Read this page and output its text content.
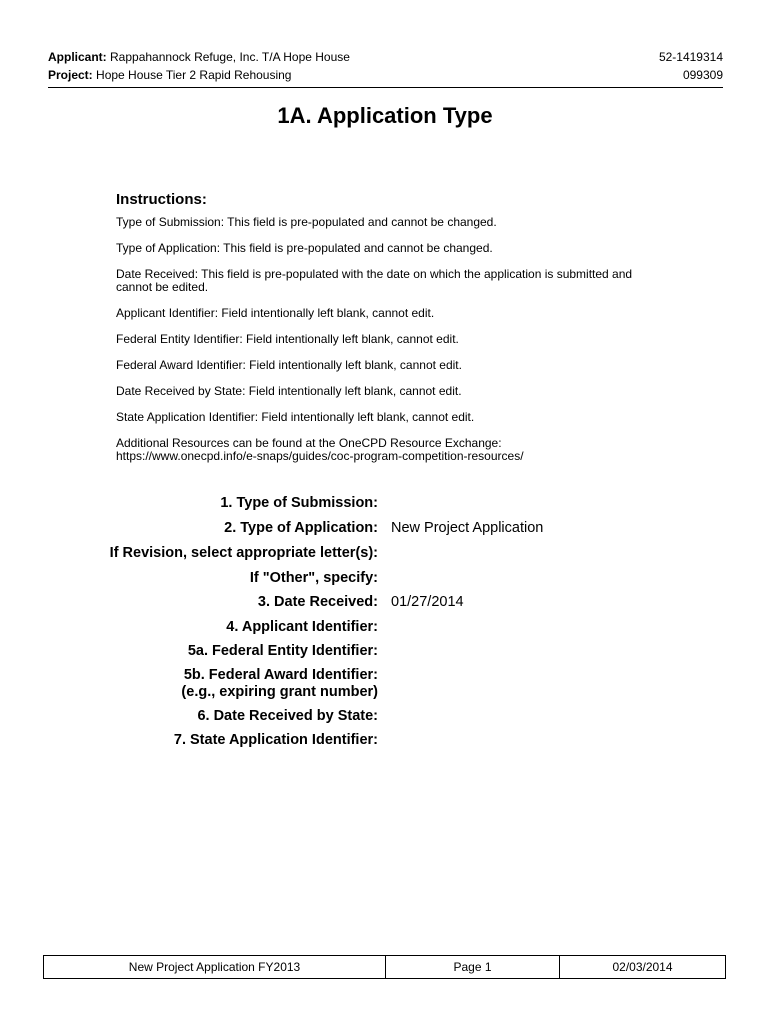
Applicant: Rappahannock Refuge, Inc. T/A Hope House	52-1419314
Project: Hope House Tier 2 Rapid Rehousing	099309
1A. Application Type
Instructions:
Type of Submission: This field is pre-populated and cannot be changed.
Type of Application: This field is pre-populated and cannot be changed.
Date Received: This field is pre-populated with the date on which the application is submitted and cannot be edited.
Applicant Identifier: Field intentionally left blank, cannot edit.
Federal Entity Identifier: Field intentionally left blank, cannot edit.
Federal Award Identifier: Field intentionally left blank, cannot edit.
Date Received by State: Field intentionally left blank, cannot edit.
State Application Identifier: Field intentionally left blank, cannot edit.
Additional Resources can be found at the OneCPD Resource Exchange: https://www.onecpd.info/e-snaps/guides/coc-program-competition-resources/
1. Type of Submission:
2. Type of Application: New Project Application
If Revision, select appropriate letter(s):
If "Other", specify:
3. Date Received: 01/27/2014
4. Applicant Identifier:
5a. Federal Entity Identifier:
5b. Federal Award Identifier:
(e.g., expiring grant number)
6. Date Received by State:
7. State Application Identifier:
New Project Application FY2013	Page 1	02/03/2014
